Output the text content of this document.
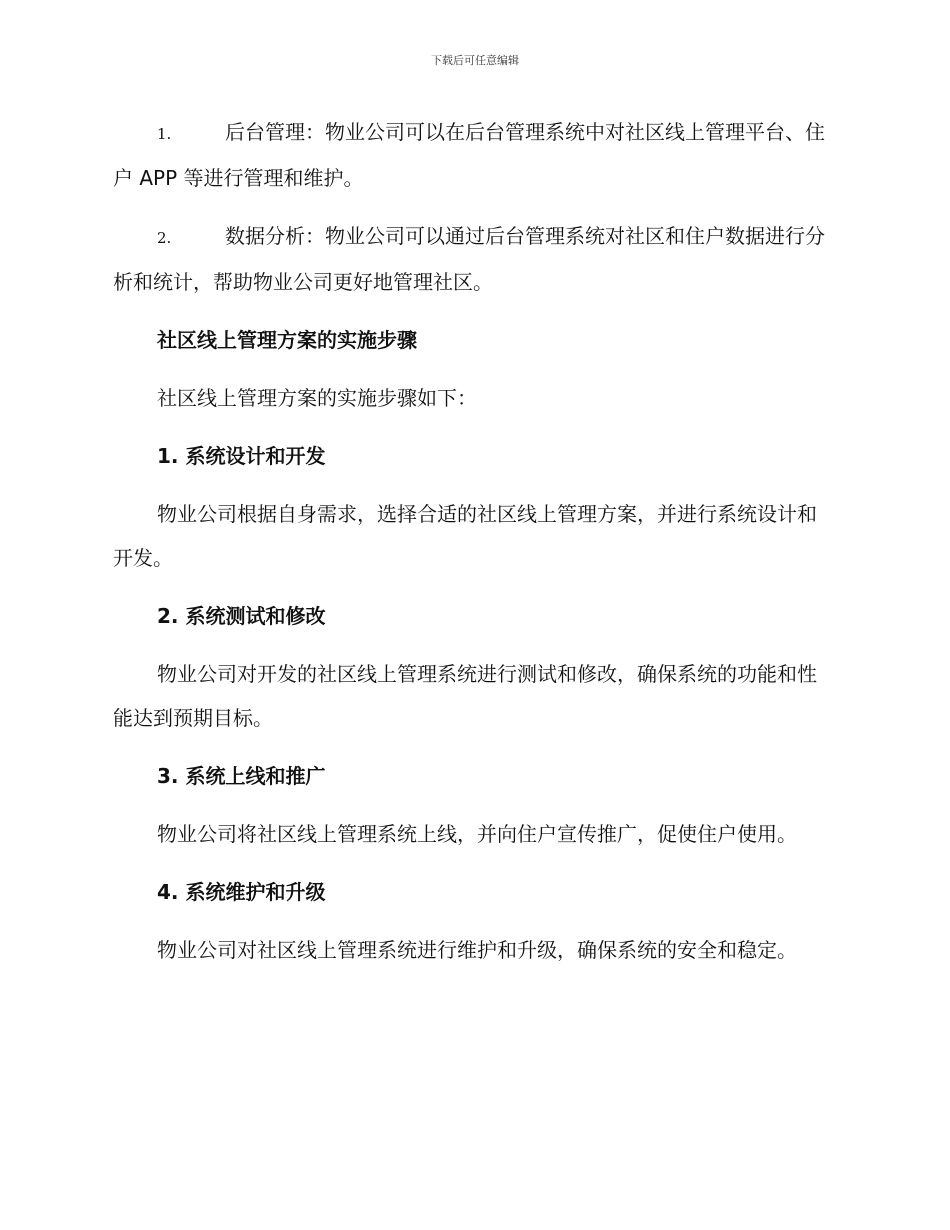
下载后可任意编辑
1.	后台管理：物业公司可以在后台管理系统中对社区线上管理平台、住户 APP 等进行管理和维护。
2.	数据分析：物业公司可以通过后台管理系统对社区和住户数据进行分析和统计，帮助物业公司更好地管理社区。
社区线上管理方案的实施步骤
社区线上管理方案的实施步骤如下：
1. 系统设计和开发
物业公司根据自身需求，选择合适的社区线上管理方案，并进行系统设计和开发。
2. 系统测试和修改
物业公司对开发的社区线上管理系统进行测试和修改，确保系统的功能和性能达到预期目标。
3. 系统上线和推广
物业公司将社区线上管理系统上线，并向住户宣传推广，促使住户使用。
4. 系统维护和升级
物业公司对社区线上管理系统进行维护和升级，确保系统的安全和稳定。
